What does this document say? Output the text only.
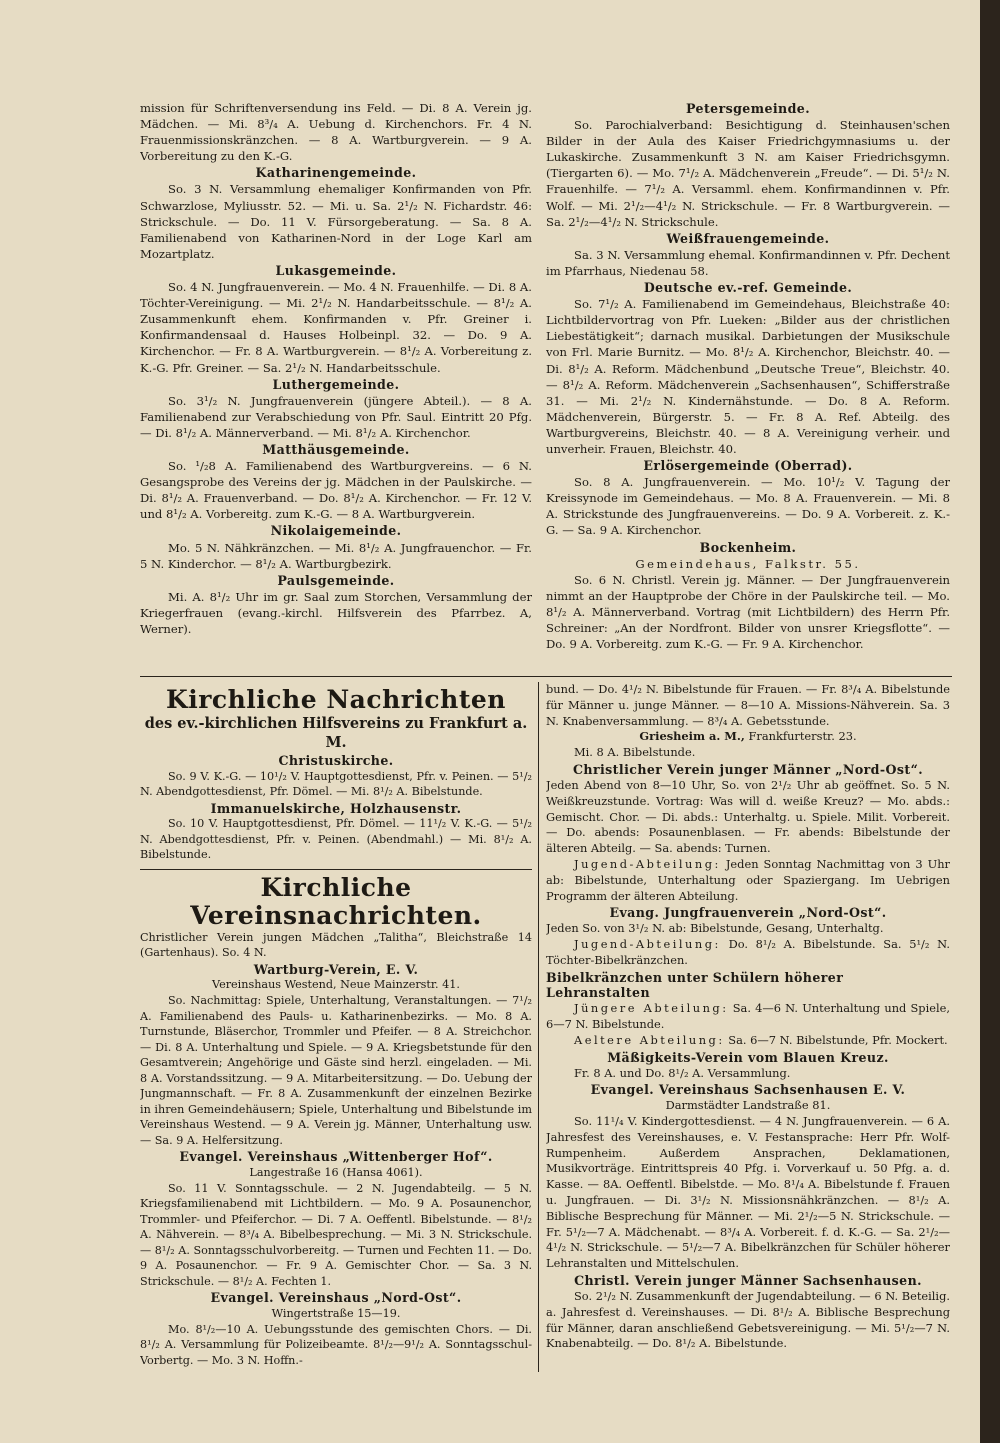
mission für Schriftenversendung ins Feld. — Di. 8 A. Verein jg. Mädchen. — Mi. 8³/₄ A. Uebung d. Kirchenchors. Fr. 4 N. Frauenmissionskränzchen. — 8 A. Wartburgverein. — 9 A. Vorbereitung zu den K.-G.

Katharinengemeinde.

So. 3 N. Versammlung ehemaliger Konfirmanden von Pfr. Schwarzlose, Myliusstr. 52. — Mi. u. Sa. 2¹/₂ N. Fichardstr. 46: Strickschule. — Do. 11 V. Fürsorgeberatung. — Sa. 8 A. Familienabend von Katharinen-Nord in der Loge Karl am Mozartplatz.

Lukasgemeinde.

So. 4 N. Jungfrauenverein. — Mo. 4 N. Frauenhilfe. — Di. 8 A. Töchter-Vereinigung. — Mi. 2¹/₂ N. Handarbeitsschule. — 8¹/₂ A. Zusammenkunft ehem. Konfirmanden v. Pfr. Greiner i. Konfirmandensaal d. Hauses Holbeinpl. 32. — Do. 9 A. Kirchenchor. — Fr. 8 A. Wartburgverein. — 8¹/₂ A. Vorbereitung z. K.-G. Pfr. Greiner. — Sa. 2¹/₂ N. Handarbeitsschule.

Luthergemeinde.

So. 3¹/₂ N. Jungfrauenverein (jüngere Abteil.). — 8 A. Familienabend zur Verabschiedung von Pfr. Saul. Eintritt 20 Pfg. — Di. 8¹/₂ A. Männerverband. — Mi. 8¹/₂ A. Kirchenchor.

Matthäusgemeinde.

So. ¹/₂8 A. Familienabend des Wartburgvereins. — 6 N. Gesangsprobe des Vereins der jg. Mädchen in der Paulskirche. — Di. 8¹/₂ A. Frauenverband. — Do. 8¹/₂ A. Kirchenchor. — Fr. 12 V. und 8¹/₂ A. Vorbereitg. zum K.-G. — 8 A. Wartburgverein.

Nikolaigemeinde.

Mo. 5 N. Nähkränzchen. — Mi. 8¹/₂ A. Jungfrauenchor. — Fr. 5 N. Kinderchor. — 8¹/₂ A. Wartburgbezirk.

Paulsgemeinde.

Mi. A. 8¹/₂ Uhr im gr. Saal zum Storchen, Versammlung der Kriegerfrauen (evang.-kirchl. Hilfsverein des Pfarrbez. A, Werner).

Petersgemeinde.

So. Parochialverband: Besichtigung d. Steinhausen'schen Bilder in der Aula des Kaiser Friedrichgymnasiums u. der Lukaskirche. Zusammenkunft 3 N. am Kaiser Friedrichsgymn. (Tiergarten 6). — Mo. 7¹/₂ A. Mädchenverein „Freude“. — Di. 5¹/₂ N. Frauenhilfe. — 7¹/₂ A. Versamml. ehem. Konfirmandinnen v. Pfr. Wolf. — Mi. 2¹/₂—4¹/₂ N. Strickschule. — Fr. 8 Wartburgverein. — Sa. 2¹/₂—4¹/₂ N. Strickschule.

Weißfrauengemeinde.

Sa. 3 N. Versammlung ehemal. Konfirmandinnen v. Pfr. Dechent im Pfarrhaus, Niedenau 58.

Deutsche ev.-ref. Gemeinde.

So. 7¹/₂ A. Familienabend im Gemeindehaus, Bleichstraße 40: Lichtbildervortrag von Pfr. Lueken: „Bilder aus der christlichen Liebestätigkeit“; darnach musikal. Darbietungen der Musikschule von Frl. Marie Burnitz. — Mo. 8¹/₂ A. Kirchenchor, Bleichstr. 40. — Di. 8¹/₂ A. Reform. Mädchenbund „Deutsche Treue“, Bleichstr. 40. — 8¹/₂ A. Reform. Mädchenverein „Sachsenhausen“, Schifferstraße 31. — Mi. 2¹/₂ N. Kindernähstunde. — Do. 8 A. Reform. Mädchenverein, Bürgerstr. 5. — Fr. 8 A. Ref. Abteilg. des Wartburgvereins, Bleichstr. 40. — 8 A. Vereinigung verheir. und unverheir. Frauen, Bleichstr. 40.

Erlösergemeinde (Oberrad).

So. 8 A. Jungfrauenverein. — Mo. 10¹/₂ V. Tagung der Kreissynode im Gemeindehaus. — Mo. 8 A. Frauenverein. — Mi. 8 A. Strickstunde des Jungfrauenvereins. — Do. 9 A. Vorbereit. z. K.-G. — Sa. 9 A. Kirchenchor.

Bockenheim.

Gemeindehaus, Falkstr. 55.

So. 6 N. Christl. Verein jg. Männer. — Der Jungfrauenverein nimmt an der Hauptprobe der Chöre in der Paulskirche teil. — Mo. 8¹/₂ A. Männerverband. Vortrag (mit Lichtbildern) des Herrn Pfr. Schreiner: „An der Nordfront. Bilder von unsrer Kriegsflotte“. — Do. 9 A. Vorbereitg. zum K.-G. — Fr. 9 A. Kirchenchor.

Kirchliche Nachrichten
des ev.-kirchlichen Hilfsvereins zu Frankfurt a. M.
Christuskirche.

So. 9 V. K.-G. — 10¹/₂ V. Hauptgottesdienst, Pfr. v. Peinen. — 5¹/₂ N. Abendgottesdienst, Pfr. Dömel. — Mi. 8¹/₂ A. Bibelstunde.

Immanuelskirche, Holzhausenstr.

So. 10 V. Hauptgottesdienst, Pfr. Dömel. — 11¹/₂ V. K.-G. — 5¹/₂ N. Abendgottesdienst, Pfr. v. Peinen. (Abendmahl.) — Mi. 8¹/₂ A. Bibelstunde.

Kirchliche Vereinsnachrichten.

Christlicher Verein jungen Mädchen „Talitha“, Bleichstraße 14 (Gartenhaus). So. 4 N.

Wartburg-Verein, E. V.

Vereinshaus Westend, Neue Mainzerstr. 41.

So. Nachmittag: Spiele, Unterhaltung, Veranstaltungen. — 7¹/₂ A. Familienabend des Pauls- u. Katharinenbezirks. — Mo. 8 A. Turnstunde, Bläserchor, Trommler und Pfeifer. — 8 A. Streichchor. — Di. 8 A. Unterhaltung und Spiele. — 9 A. Kriegsbetstunde für den Gesamtverein; Angehörige und Gäste sind herzl. eingeladen. — Mi. 8 A. Vorstandssitzung. — 9 A. Mitarbeitersitzung. — Do. Uebung der Jungmannschaft. — Fr. 8 A. Zusammenkunft der einzelnen Bezirke in ihren Gemeindehäusern; Spiele, Unterhaltung und Bibelstunde im Vereinshaus Westend. — 9 A. Verein jg. Männer, Unterhaltung usw. — Sa. 9 A. Helfersitzung.

Evangel. Vereinshaus „Wittenberger Hof“.

Langestraße 16 (Hansa 4061).

So. 11 V. Sonntagsschule. — 2 N. Jugendabteilg. — 5 N. Kriegsfamilienabend mit Lichtbildern. — Mo. 9 A. Posaunenchor, Trommler- und Pfeiferchor. — Di. 7 A. Oeffentl. Bibelstunde. — 8¹/₂ A. Nähverein. — 8³/₄ A. Bibelbesprechung. — Mi. 3 N. Strickschule. — 8¹/₂ A. Sonntagsschulvorbereitg. — Turnen und Fechten 11. — Do. 9 A. Posaunenchor. — Fr. 9 A. Gemischter Chor. — Sa. 3 N. Strickschule. — 8¹/₂ A. Fechten 1.

Evangel. Vereinshaus „Nord-Ost“.

Wingertstraße 15—19.

Mo. 8¹/₂—10 A. Uebungsstunde des gemischten Chors. — Di. 8¹/₂ A. Versammlung für Polizeibeamte. 8¹/₂—9¹/₂ A. Sonntagsschul-Vorbertg. — Mo. 3 N. Hoffn.-

bund. — Do. 4¹/₂ N. Bibelstunde für Frauen. — Fr. 8³/₄ A. Bibelstunde für Männer u. junge Männer. — 8—10 A. Missions-Nähverein. Sa. 3 N. Knabenversammlung. — 8³/₄ A. Gebetsstunde.

Griesheim a. M., Frankfurterstr. 23.

Mi. 8 A. Bibelstunde.

Christlicher Verein junger Männer „Nord-Ost“.

Jeden Abend von 8—10 Uhr, So. von 2¹/₂ Uhr ab geöffnet. So. 5 N. Weißkreuzstunde. Vortrag: Was will d. weiße Kreuz? — Mo. abds.: Gemischt. Chor. — Di. abds.: Unterhaltg. u. Spiele. Milit. Vorbereit. — Do. abends: Posaunenblasen. — Fr. abends: Bibelstunde der älteren Abteilg. — Sa. abends: Turnen.

Jugend-Abteilung: Jeden Sonntag Nachmittag von 3 Uhr ab: Bibelstunde, Unterhaltung oder Spaziergang. Im Uebrigen Programm der älteren Abteilung.

Evang. Jungfrauenverein „Nord-Ost“.

Jeden So. von 3¹/₂ N. ab: Bibelstunde, Gesang, Unterhaltg.

Jugend-Abteilung: Do. 8¹/₂ A. Bibelstunde. Sa. 5¹/₂ N. Töchter-Bibelkränzchen.

Bibelkränzchen unter Schülern höherer Lehranstalten

Jüngere Abteilung: Sa. 4—6 N. Unterhaltung und Spiele, 6—7 N. Bibelstunde.

Aeltere Abteilung: Sa. 6—7 N. Bibelstunde, Pfr. Mockert.

Mäßigkeits-Verein vom Blauen Kreuz.

Fr. 8 A. und Do. 8¹/₂ A. Versammlung.

Evangel. Vereinshaus Sachsenhausen E. V.

Darmstädter Landstraße 81.

So. 11¹/₄ V. Kindergottesdienst. — 4 N. Jungfrauenverein. — 6 A. Jahresfest des Vereinshauses, e. V. Festansprache: Herr Pfr. Wolf-Rumpenheim. Außerdem Ansprachen, Deklamationen, Musikvorträge. Eintrittspreis 40 Pfg. i. Vorverkauf u. 50 Pfg. a. d. Kasse. — 8A. Oeffentl. Bibelstde. — Mo. 8¹/₄ A. Bibelstunde f. Frauen u. Jungfrauen. — Di. 3¹/₂ N. Missionsnähkränzchen. — 8¹/₂ A. Biblische Besprechung für Männer. — Mi. 2¹/₂—5 N. Strickschule. — Fr. 5¹/₂—7 A. Mädchenabt. — 8³/₄ A. Vorbereit. f. d. K.-G. — Sa. 2¹/₂—4¹/₂ N. Strickschule. — 5¹/₂—7 A. Bibelkränzchen für Schüler höherer Lehranstalten und Mittelschulen.

Christl. Verein junger Männer Sachsenhausen.

So. 2¹/₂ N. Zusammenkunft der Jugendabteilung. — 6 N. Beteilig. a. Jahresfest d. Vereinshauses. — Di. 8¹/₂ A. Biblische Besprechung für Männer, daran anschließend Gebetsvereinigung. — Mi. 5¹/₂—7 N. Knabenabteilg. — Do. 8¹/₂ A. Bibelstunde.
